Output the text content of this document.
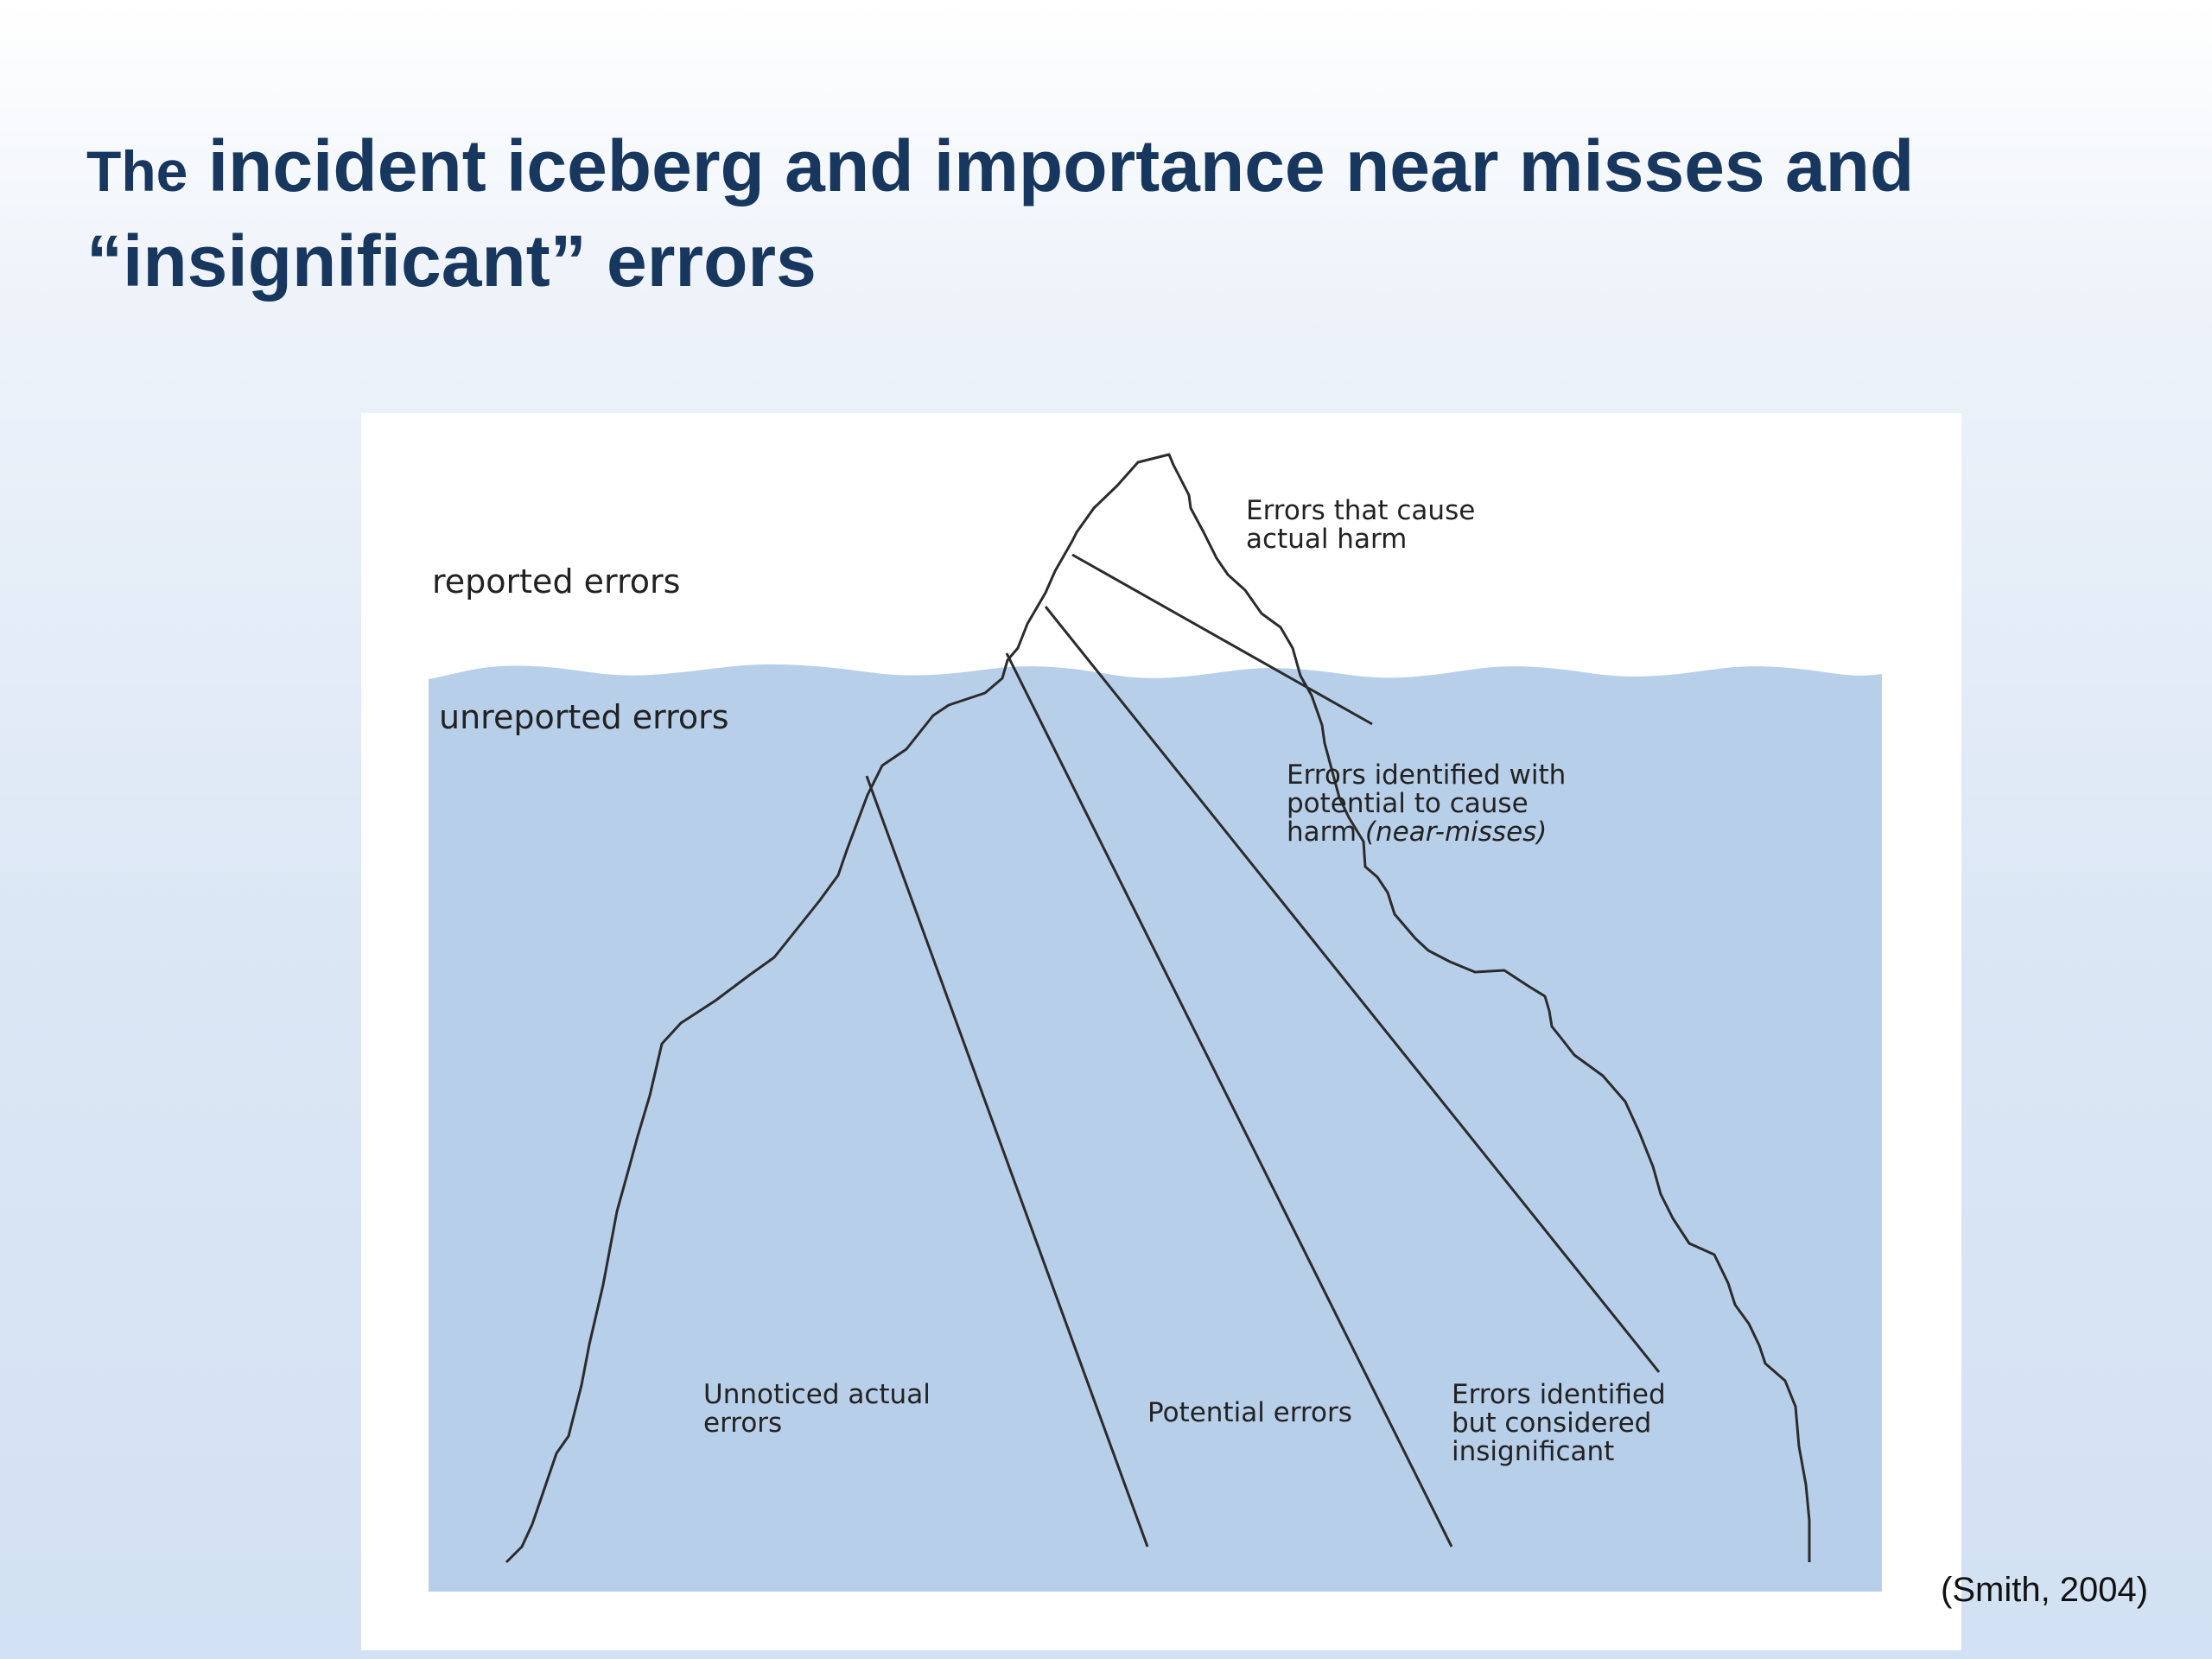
The incident iceberg and importance near misses and
“insignificant” errors
reported errors
unreported errors
Errors that cause actual harm
Errors identified with potential to cause harm (near-misses)
Unnoticed actual errors	Potential errors
Errors identified but considered insignificant
(Smith, 2004)
